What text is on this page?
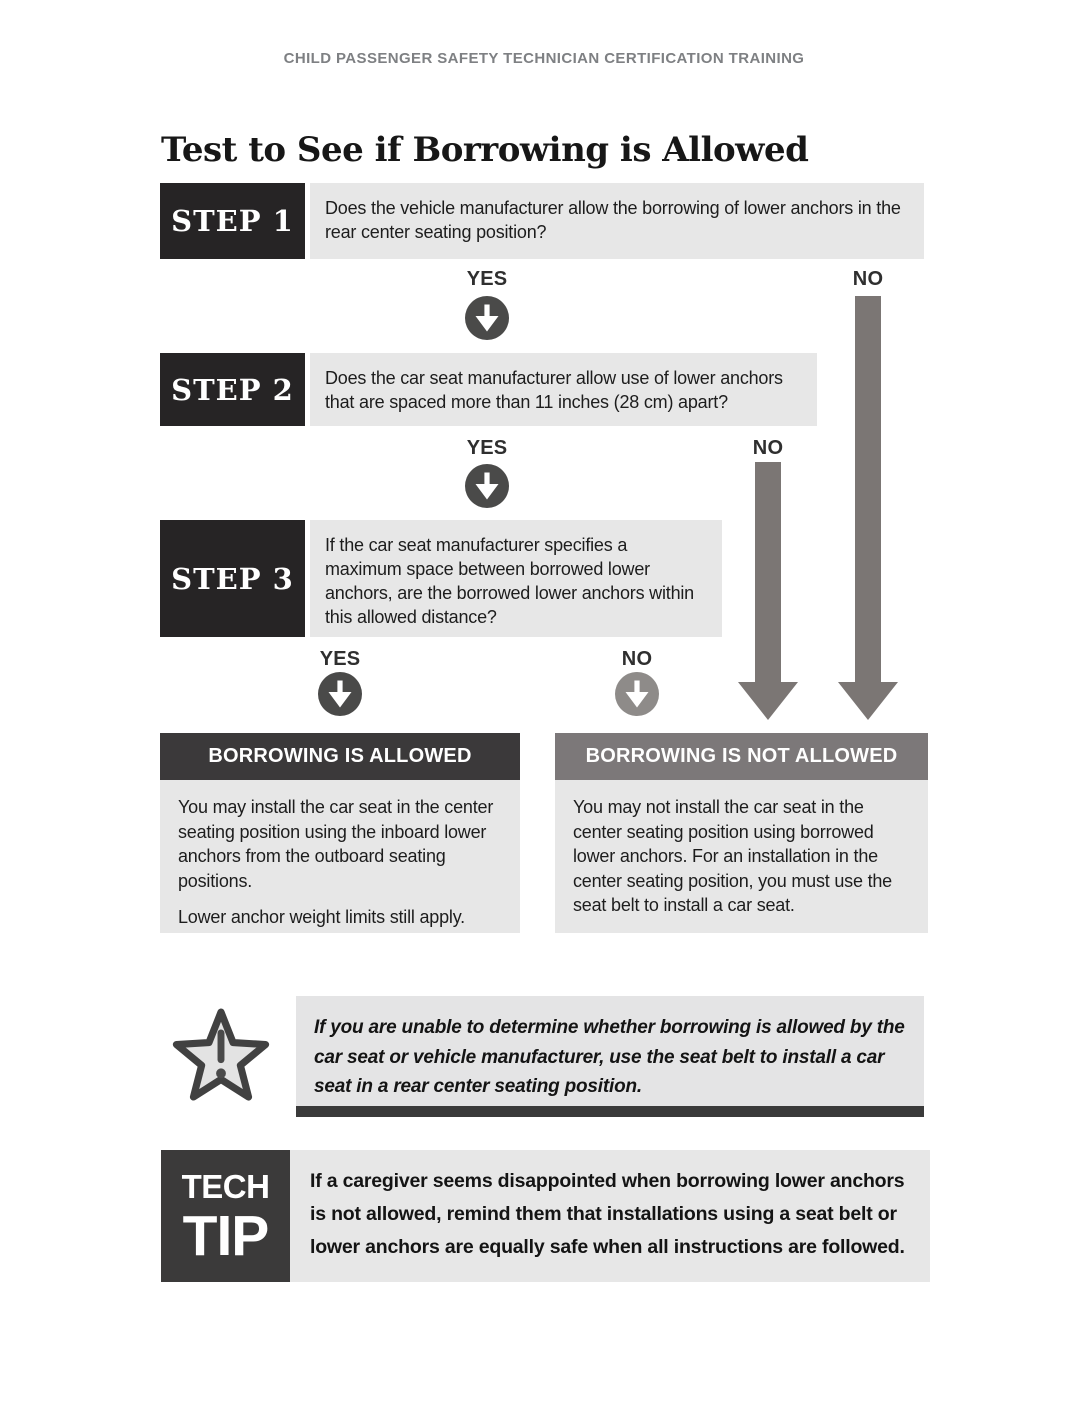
CHILD PASSENGER SAFETY TECHNICIAN CERTIFICATION TRAINING
Test to See if Borrowing is Allowed
STEP 1	Does the vehicle manufacturer allow the borrowing of lower anchors in the rear center seating position?
YES	NO
STEP 2	Does the car seat manufacturer allow use of lower anchors that are spaced more than 11 inches (28 cm) apart?
YES	NO
STEP 3
If the car seat manufacturer specifies a maximum space between borrowed lower anchors, are the borrowed lower anchors within this allowed distance?
YES	NO
BORROWING IS ALLOWED

You may install the car seat in the center seating position using the inboard lower anchors from the outboard seating positions.

Lower anchor weight limits still apply.

BORROWING IS NOT ALLOWED

You may not install the car seat in the center seating position using borrowed lower anchors. For an installation in the center seating position, you must use the seat belt to install a car seat.

If you are unable to determine whether borrowing is allowed by the car seat or vehicle manufacturer, use the seat belt to install a car seat in a rear center seating position.
TECH
TIP
If a caregiver seems disappointed when borrowing lower anchors is not allowed, remind them that installations using a seat belt or lower anchors are equally safe when all instructions are followed.
